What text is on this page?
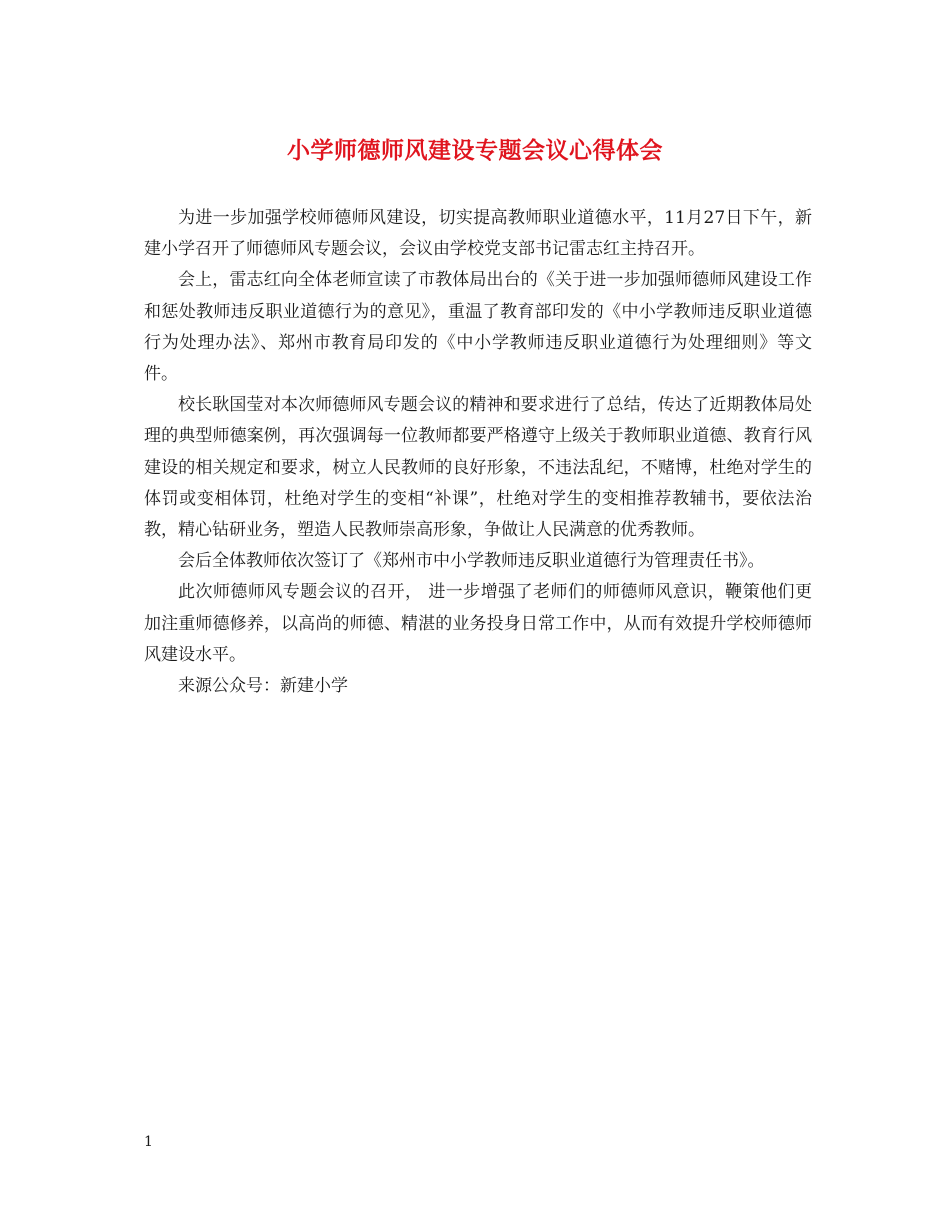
小学师德师风建设专题会议心得体会

为进一步加强学校师德师风建设，切实提高教师职业道德水平，11月27日下午，新建小学召开了师德师风专题会议，会议由学校党支部书记雷志红主持召开。

会上，雷志红向全体老师宣读了市教体局出台的《关于进一步加强师德师风建设工作和惩处教师违反职业道德行为的意见》，重温了教育部印发的《中小学教师违反职业道德行为处理办法》、郑州市教育局印发的《中小学教师违反职业道德行为处理细则》等文件。

校长耿国莹对本次师德师风专题会议的精神和要求进行了总结，传达了近期教体局处理的典型师德案例，再次强调每一位教师都要严格遵守上级关于教师职业道德、教育行风建设的相关规定和要求，树立人民教师的良好形象，不违法乱纪，不赌博，杜绝对学生的体罚或变相体罚，杜绝对学生的变相“补课”，杜绝对学生的变相推荐教辅书，要依法治教，精心钻研业务，塑造人民教师崇高形象，争做让人民满意的优秀教师。

会后全体教师依次签订了《郑州市中小学教师违反职业道德行为管理责任书》。

此次师德师风专题会议的召开， 进一步增强了老师们的师德师风意识，鞭策他们更加注重师德修养，以高尚的师德、精湛的业务投身日常工作中，从而有效提升学校师德师风建设水平。

来源公众号：新建小学

1
